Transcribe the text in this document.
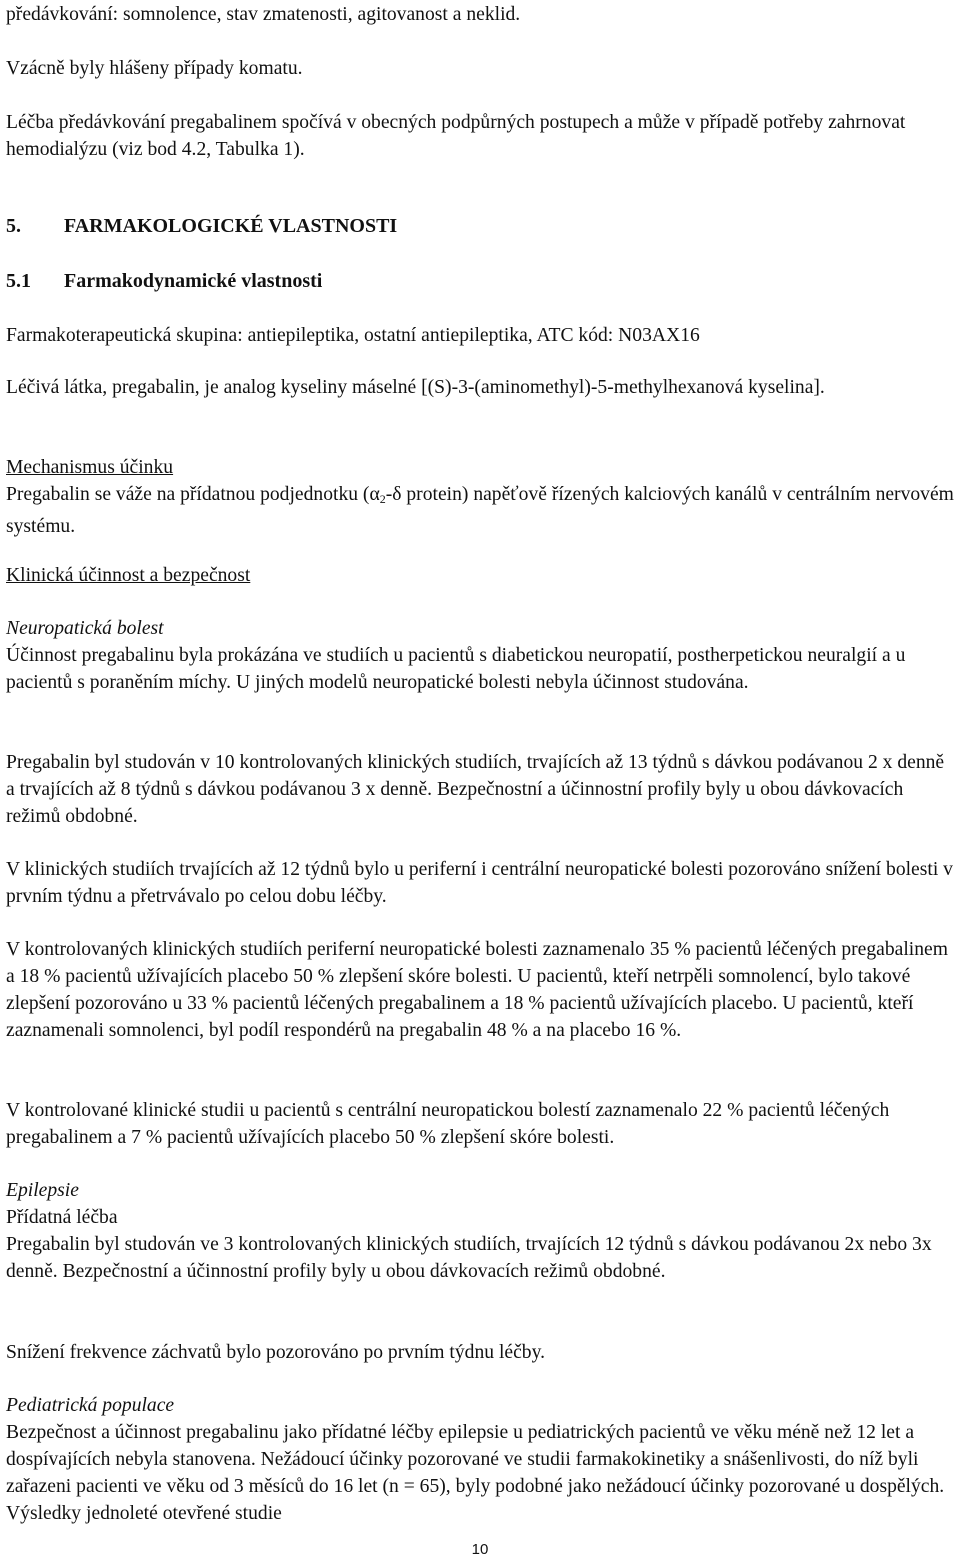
předávkování: somnolence, stav zmatenosti, agitovanost a neklid.

Vzácně byly hlášeny případy komatu.

Léčba předávkování pregabalinem spočívá v obecných podpůrných postupech a může v případě potřeby zahrnovat hemodialýzu (viz bod 4.2, Tabulka 1).

5. FARMAKOLOGICKÉ VLASTNOSTI
5.1 Farmakodynamické vlastnosti

Farmakoterapeutická skupina: antiepileptika, ostatní antiepileptika, ATC kód: N03AX16

Léčivá látka, pregabalin, je analog kyseliny máselné [(S)-3-(aminomethyl)-5-methylhexanová kyselina].

Mechanismus účinku
Pregabalin se váže na přídatnou podjednotku ($\alpha_2-\delta$ protein) napěťově řízených kalciových kanálů v centrálním nervovém systému.

Klinická účinnost a bezpečnost

Neuropatická bolest
Účinnost pregabalinu byla prokázána ve studiích u pacientů s diabetickou neuropatií, postherpetickou neuralgií a u pacientů s poraněním míchy. U jiných modelů neuropatické bolesti nebyla účinnost studována.

Pregabalin byl studován v 10 kontrolovaných klinických studiích, trvajících až 13 týdnů s dávkou podávanou 2 x denně a trvajících až 8 týdnů s dávkou podávanou 3 x denně. Bezpečnostní a účinnostní profily byly u obou dávkovacích režimů obdobné.

V klinických studiích trvajících až 12 týdnů bylo u periferní i centrální neuropatické bolesti pozorováno snížení bolesti v prvním týdnu a přetrvávalo po celou dobu léčby.

V kontrolovaných klinických studiích periferní neuropatické bolesti zaznamenalo 35 % pacientů léčených pregabalinem a 18 % pacientů užívajících placebo 50 % zlepšení skóre bolesti. U pacientů, kteří netrpěli somnolencí, bylo takové zlepšení pozorováno u 33 % pacientů léčených pregabalinem a 18 % pacientů užívajících placebo. U pacientů, kteří zaznamenali somnolenci, byl podíl respondérů na pregabalin 48 % a na placebo 16 %.

V kontrolované klinické studii u pacientů s centrální neuropatickou bolestí zaznamenalo 22 % pacientů léčených pregabalinem a 7 % pacientů užívajících placebo 50 % zlepšení skóre bolesti.

Epilepsie
Přídatná léčba
Pregabalin byl studován ve 3 kontrolovaných klinických studiích, trvajících 12 týdnů s dávkou podávanou 2x nebo 3x denně. Bezpečnostní a účinnostní profily byly u obou dávkovacích režimů obdobné.

Snížení frekvence záchvatů bylo pozorováno po prvním týdnu léčby.

Pediatrická populace
Bezpečnost a účinnost pregabalinu jako přídatné léčby epilepsie u pediatrických pacientů ve věku méně než 12 let a dospívajících nebyla stanovena. Nežádoucí účinky pozorované ve studii farmakokinetiky a snášenlivosti, do níž byli zařazeni pacienti ve věku od 3 měsíců do 16 let (n = 65), byly podobné jako nežádoucí účinky pozorované u dospělých. Výsledky jednoleté otevřené studie
10
